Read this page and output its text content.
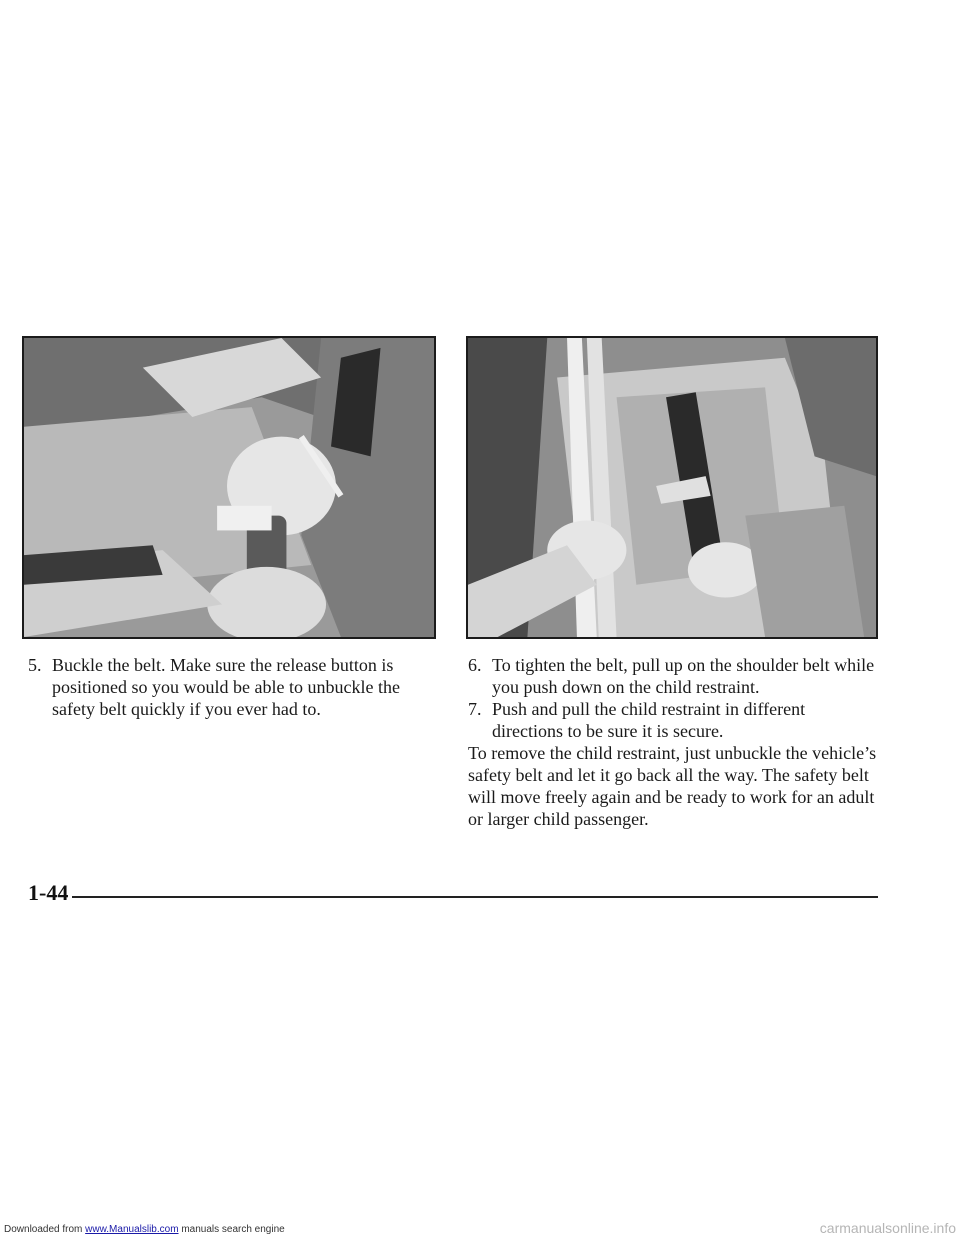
5. Buckle the belt. Make sure the release button is positioned so you would be able to unbuckle the safety belt quickly if you ever had to.
6. To tighten the belt, pull up on the shoulder belt while you push down on the child restraint.
7. Push and pull the child restraint in different directions to be sure it is secure.

To remove the child restraint, just unbuckle the vehicle’s safety belt and let it go back all the way. The safety belt will move freely again and be ready to work for an adult or larger child passenger.

1-44
Downloaded from www.Manualslib.com manuals search engine	carmanualsonline.info
